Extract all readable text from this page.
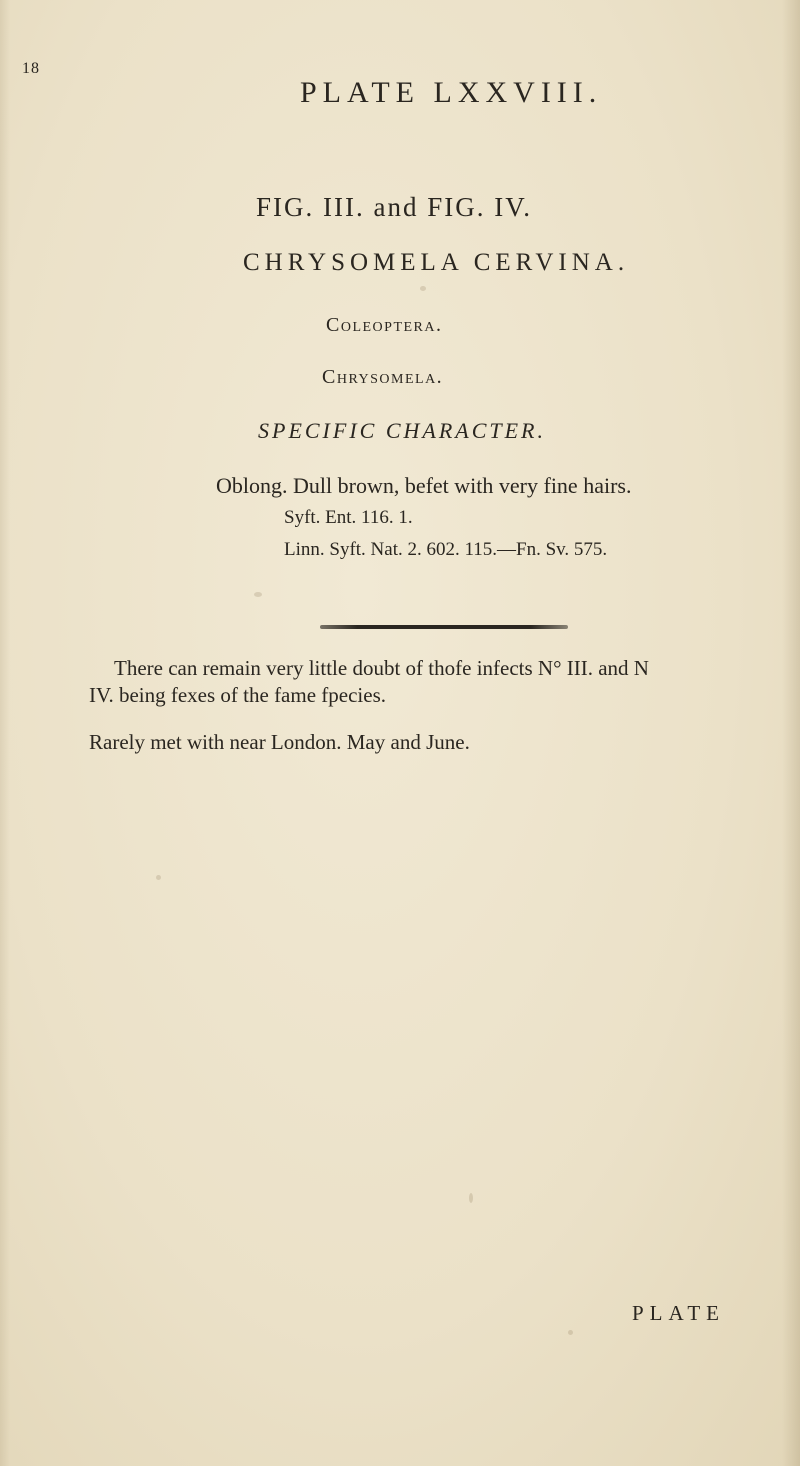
18
PLATE LXXVIII.
FIG. III. and FIG. IV.
CHRYSOMELA CERVINA.
Coleoptera.
Chrysomela.
SPECIFIC CHARACTER.
Oblong. Dull brown, befet with very fine hairs.
Syft. Ent. 116. 1.
Linn. Syft. Nat. 2. 602. 115.—Fn. Sv. 575.
There can remain very little doubt of thofe infects N° III. and N
IV. being fexes of the fame fpecies.
Rarely met with near London. May and June.
PLATE
